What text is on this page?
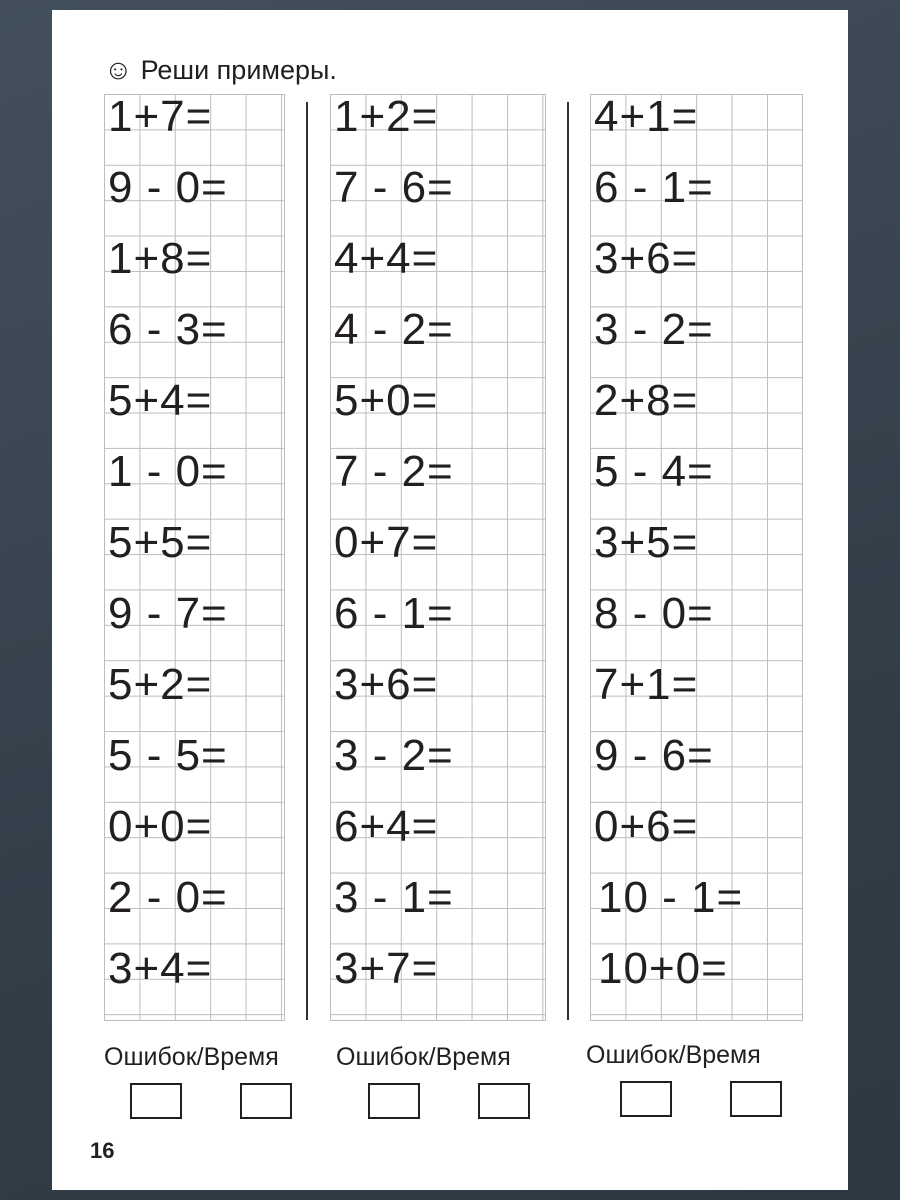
☺ Реши примеры.
1+7=
9 - 0=
1+8=
6 - 3=
5+4=
1 - 0=
5+5=
9 - 7=
5+2=
5 - 5=
0+0=
2 - 0=
3+4=
1+2=
7 - 6=
4+4=
4 - 2=
5+0=
7 - 2=
0+7=
6 - 1=
3+6=
3 - 2=
6+4=
3 - 1=
3+7=
4+1=
6 - 1=
3+6=
3 - 2=
2+8=
5 - 4=
3+5=
8 - 0=
7+1=
9 - 6=
0+6=
10 - 1=
10+0=
Ошибок/Время Ошибок/Время	Ошибок/Время
16
